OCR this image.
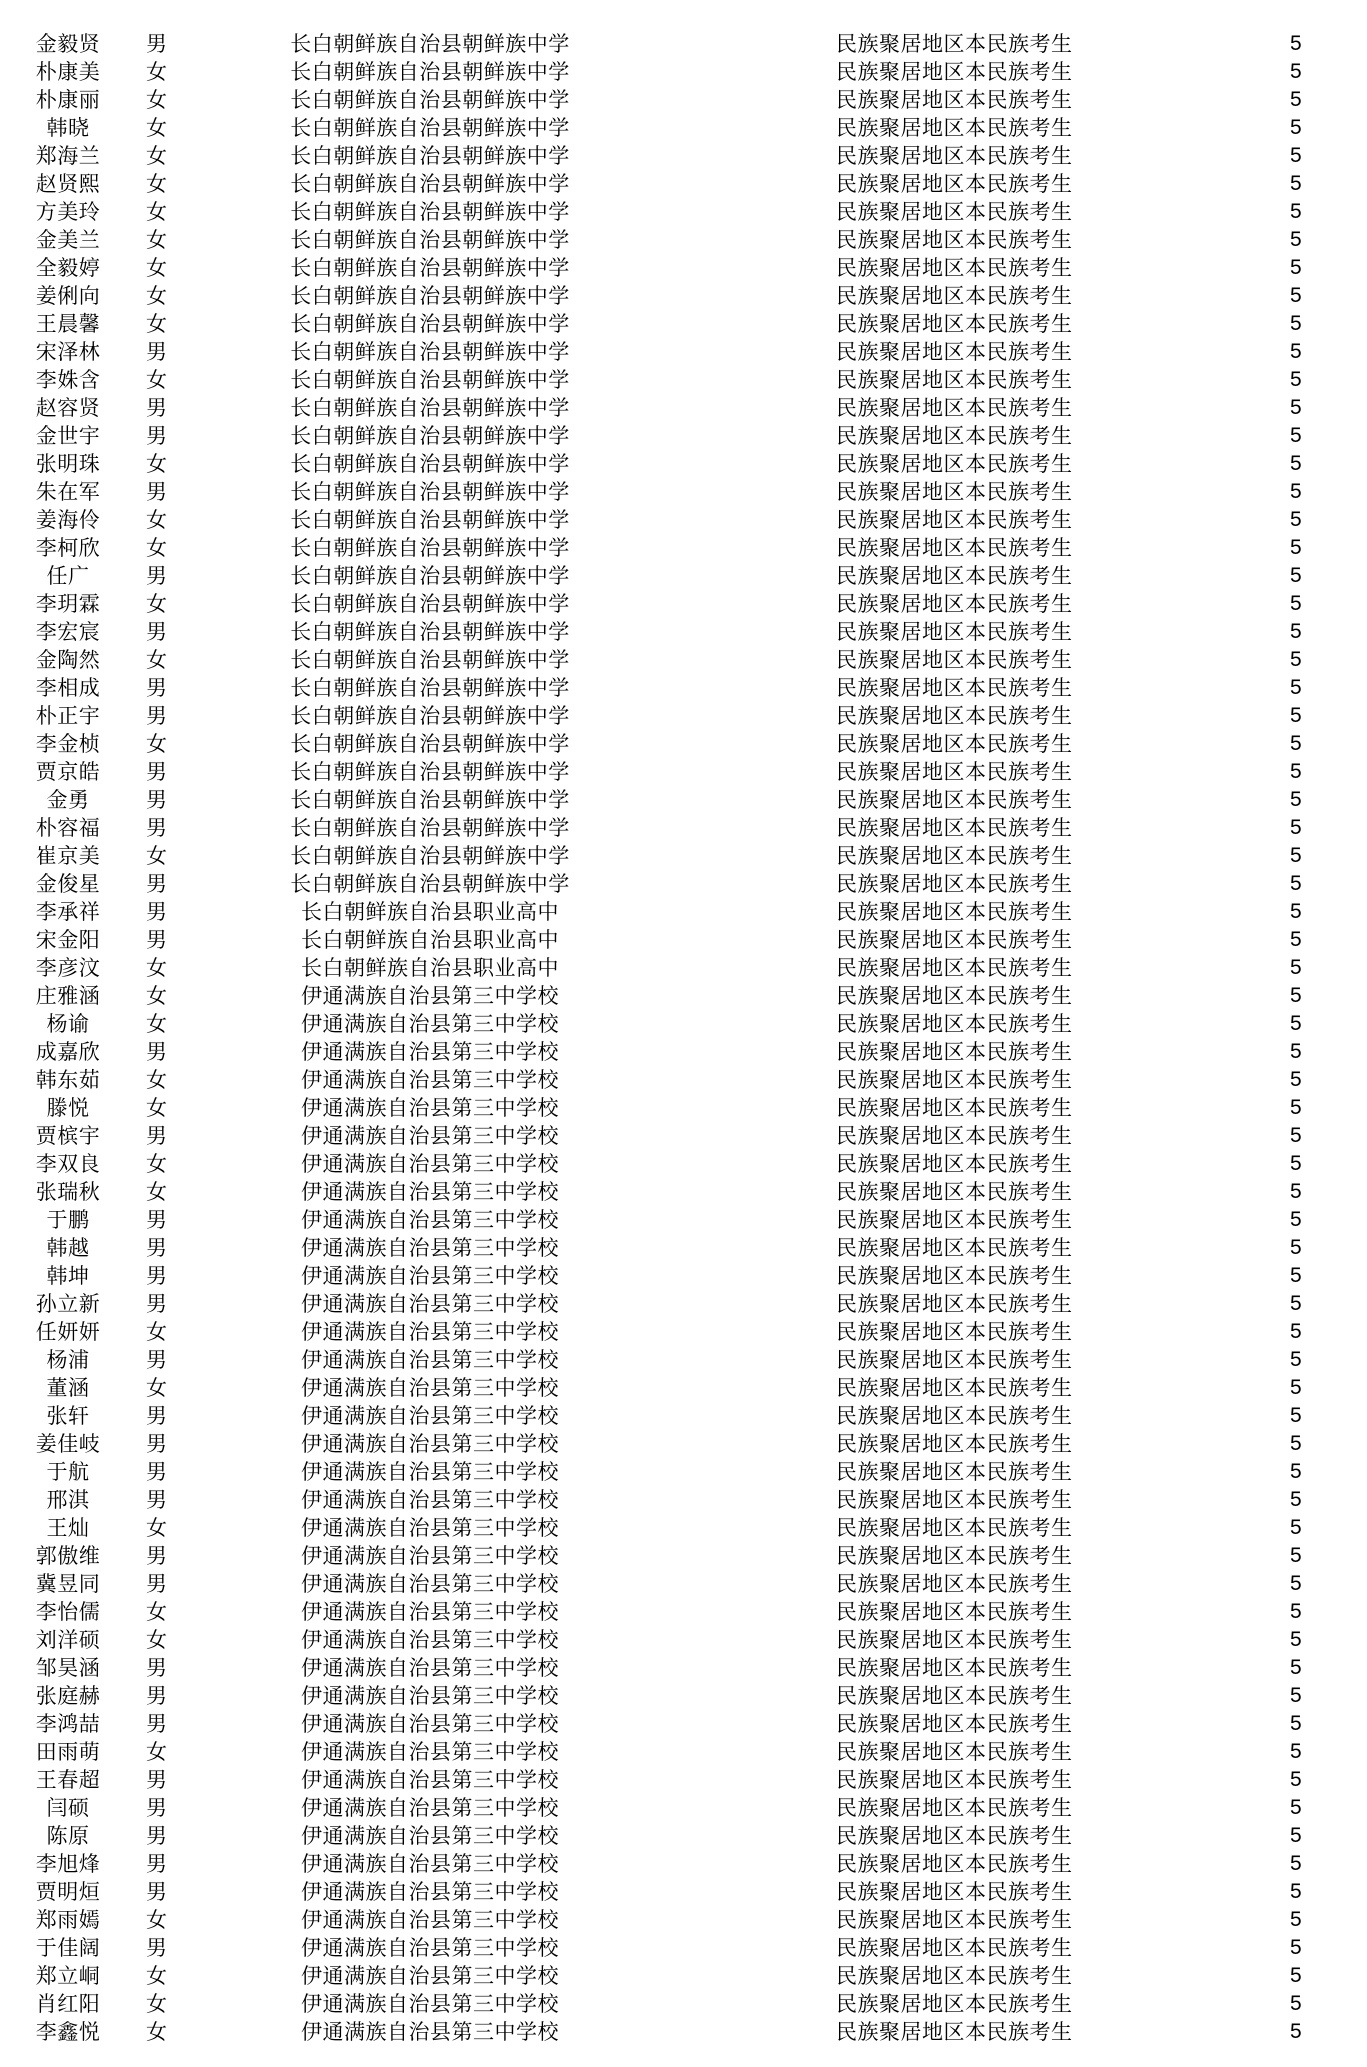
金毅贤	男	长白朝鲜族自治县朝鲜族中学	民族聚居地区本民族考生	5
朴康美	女	长白朝鲜族自治县朝鲜族中学	民族聚居地区本民族考生	5
朴康丽	女	长白朝鲜族自治县朝鲜族中学	民族聚居地区本民族考生	5
韩晓	女	长白朝鲜族自治县朝鲜族中学	民族聚居地区本民族考生	5
郑海兰	女	长白朝鲜族自治县朝鲜族中学	民族聚居地区本民族考生	5
赵贤熙	女	长白朝鲜族自治县朝鲜族中学	民族聚居地区本民族考生	5
方美玲	女	长白朝鲜族自治县朝鲜族中学	民族聚居地区本民族考生	5
金美兰	女	长白朝鲜族自治县朝鲜族中学	民族聚居地区本民族考生	5
全毅婷	女	长白朝鲜族自治县朝鲜族中学	民族聚居地区本民族考生	5
姜俐向	女	长白朝鲜族自治县朝鲜族中学	民族聚居地区本民族考生	5
王晨馨	女	长白朝鲜族自治县朝鲜族中学	民族聚居地区本民族考生	5
宋泽林	男	长白朝鲜族自治县朝鲜族中学	民族聚居地区本民族考生	5
李姝含	女	长白朝鲜族自治县朝鲜族中学	民族聚居地区本民族考生	5
赵容贤	男	长白朝鲜族自治县朝鲜族中学	民族聚居地区本民族考生	5
金世宇	男	长白朝鲜族自治县朝鲜族中学	民族聚居地区本民族考生	5
张明珠	女	长白朝鲜族自治县朝鲜族中学	民族聚居地区本民族考生	5
朱在军	男	长白朝鲜族自治县朝鲜族中学	民族聚居地区本民族考生	5
姜海伶	女	长白朝鲜族自治县朝鲜族中学	民族聚居地区本民族考生	5
李柯欣	女	长白朝鲜族自治县朝鲜族中学	民族聚居地区本民族考生	5
任广	男	长白朝鲜族自治县朝鲜族中学	民族聚居地区本民族考生	5
李玥霖	女	长白朝鲜族自治县朝鲜族中学	民族聚居地区本民族考生	5
李宏宸	男	长白朝鲜族自治县朝鲜族中学	民族聚居地区本民族考生	5
金陶然	女	长白朝鲜族自治县朝鲜族中学	民族聚居地区本民族考生	5
李相成	男	长白朝鲜族自治县朝鲜族中学	民族聚居地区本民族考生	5
朴正宇	男	长白朝鲜族自治县朝鲜族中学	民族聚居地区本民族考生	5
李金桢	女	长白朝鲜族自治县朝鲜族中学	民族聚居地区本民族考生	5
贾京皓	男	长白朝鲜族自治县朝鲜族中学	民族聚居地区本民族考生	5
金勇	男	长白朝鲜族自治县朝鲜族中学	民族聚居地区本民族考生	5
朴容福	男	长白朝鲜族自治县朝鲜族中学	民族聚居地区本民族考生	5
崔京美	女	长白朝鲜族自治县朝鲜族中学	民族聚居地区本民族考生	5
金俊星	男	长白朝鲜族自治县朝鲜族中学	民族聚居地区本民族考生	5
李承祥	男	长白朝鲜族自治县职业高中	民族聚居地区本民族考生	5
宋金阳	男	长白朝鲜族自治县职业高中	民族聚居地区本民族考生	5
李彦汶	女	长白朝鲜族自治县职业高中	民族聚居地区本民族考生	5
庄雅涵	女	伊通满族自治县第三中学校	民族聚居地区本民族考生	5
杨谕	女	伊通满族自治县第三中学校	民族聚居地区本民族考生	5
成嘉欣	男	伊通满族自治县第三中学校	民族聚居地区本民族考生	5
韩东茹	女	伊通满族自治县第三中学校	民族聚居地区本民族考生	5
滕悦	女	伊通满族自治县第三中学校	民族聚居地区本民族考生	5
贾槟宇	男	伊通满族自治县第三中学校	民族聚居地区本民族考生	5
李双良	女	伊通满族自治县第三中学校	民族聚居地区本民族考生	5
张瑞秋	女	伊通满族自治县第三中学校	民族聚居地区本民族考生	5
于鹏	男	伊通满族自治县第三中学校	民族聚居地区本民族考生	5
韩越	男	伊通满族自治县第三中学校	民族聚居地区本民族考生	5
韩坤	男	伊通满族自治县第三中学校	民族聚居地区本民族考生	5
孙立新	男	伊通满族自治县第三中学校	民族聚居地区本民族考生	5
任妍妍	女	伊通满族自治县第三中学校	民族聚居地区本民族考生	5
杨浦	男	伊通满族自治县第三中学校	民族聚居地区本民族考生	5
董涵	女	伊通满族自治县第三中学校	民族聚居地区本民族考生	5
张轩	男	伊通满族自治县第三中学校	民族聚居地区本民族考生	5
姜佳岐	男	伊通满族自治县第三中学校	民族聚居地区本民族考生	5
于航	男	伊通满族自治县第三中学校	民族聚居地区本民族考生	5
邢淇	男	伊通满族自治县第三中学校	民族聚居地区本民族考生	5
王灿	女	伊通满族自治县第三中学校	民族聚居地区本民族考生	5
郭傲维	男	伊通满族自治县第三中学校	民族聚居地区本民族考生	5
冀昱同	男	伊通满族自治县第三中学校	民族聚居地区本民族考生	5
李怡儒	女	伊通满族自治县第三中学校	民族聚居地区本民族考生	5
刘洋硕	女	伊通满族自治县第三中学校	民族聚居地区本民族考生	5
邹昊涵	男	伊通满族自治县第三中学校	民族聚居地区本民族考生	5
张庭赫	男	伊通满族自治县第三中学校	民族聚居地区本民族考生	5
李鸿喆	男	伊通满族自治县第三中学校	民族聚居地区本民族考生	5
田雨萌	女	伊通满族自治县第三中学校	民族聚居地区本民族考生	5
王春超	男	伊通满族自治县第三中学校	民族聚居地区本民族考生	5
闫硕	男	伊通满族自治县第三中学校	民族聚居地区本民族考生	5
陈原	男	伊通满族自治县第三中学校	民族聚居地区本民族考生	5
李旭烽	男	伊通满族自治县第三中学校	民族聚居地区本民族考生	5
贾明烜	男	伊通满族自治县第三中学校	民族聚居地区本民族考生	5
郑雨嫣	女	伊通满族自治县第三中学校	民族聚居地区本民族考生	5
于佳阔	男	伊通满族自治县第三中学校	民族聚居地区本民族考生	5
郑立峒	女	伊通满族自治县第三中学校	民族聚居地区本民族考生	5
肖红阳	女	伊通满族自治县第三中学校	民族聚居地区本民族考生	5
李鑫悦	女	伊通满族自治县第三中学校	民族聚居地区本民族考生	5
